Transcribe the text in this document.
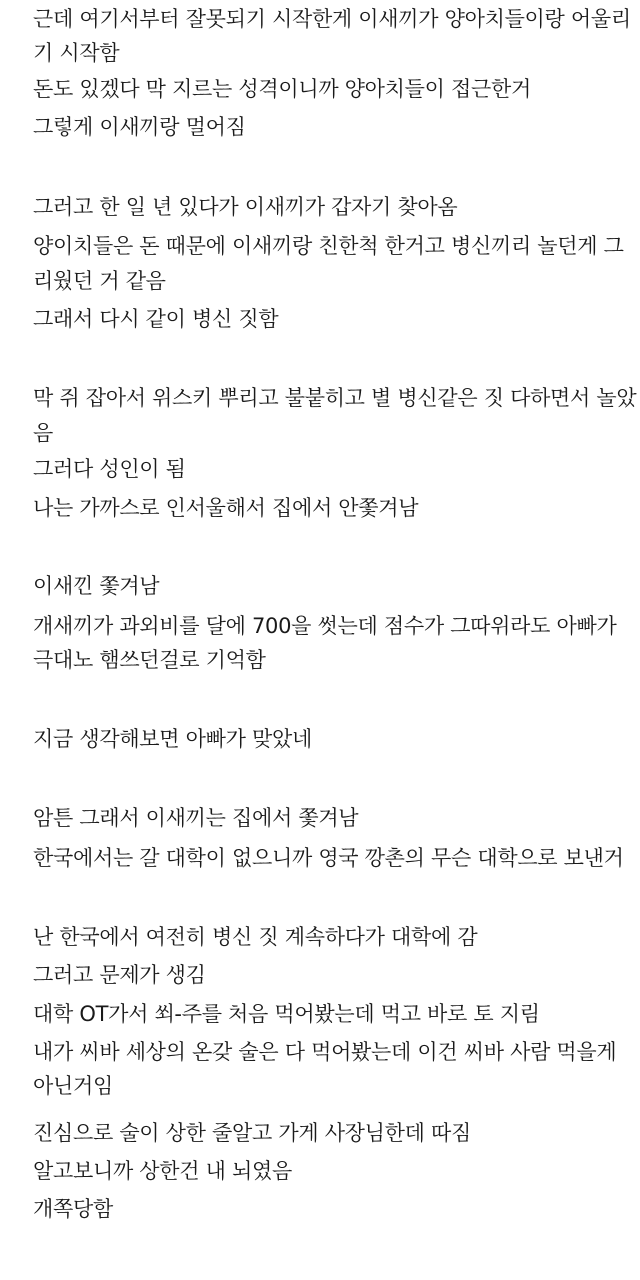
근데 여기서부터 잘못되기 시작한게 이새끼가 양아치들이랑 어울리
기 시작함
돈도 있겠다 막 지르는 성격이니까 양아치들이 접근한거
그렇게 이새끼랑 멀어짐
그러고 한 일 년 있다가 이새끼가 갑자기 찾아옴
양이치들은 돈 때문에 이새끼랑 친한척 한거고 병신끼리 놀던게 그
리웠던 거 같음
그래서 다시 같이 병신 짓함
막 쥐 잡아서 위스키 뿌리고 불붙히고 별 병신같은 짓 다하면서 놀았
음
그러다 성인이 됨
나는 가까스로 인서울해서 집에서 안쫓겨남
이새낀 쫓겨남
개새끼가 과외비를 달에 700을 썻는데 점수가 그따위라도 아빠가
극대노 햄쓰던걸로 기억함
지금 생각해보면 아빠가 맞았네
암튼 그래서 이새끼는 집에서 쫓겨남
한국에서는 갈 대학이 없으니까 영국 깡촌의 무슨 대학으로 보낸거
난 한국에서 여전히 병신 짓 계속하다가 대학에 감
그러고 문제가 생김
대학 OT가서 쐬-주를 처음 먹어봤는데 먹고 바로 토 지림
내가 씨바 세상의 온갖 술은 다 먹어봤는데 이건 씨바 사람 먹을게
아닌거임
진심으로 술이 상한 줄알고 가게 사장님한데 따짐
알고보니까 상한건 내 뇌였음
개쪽당함
